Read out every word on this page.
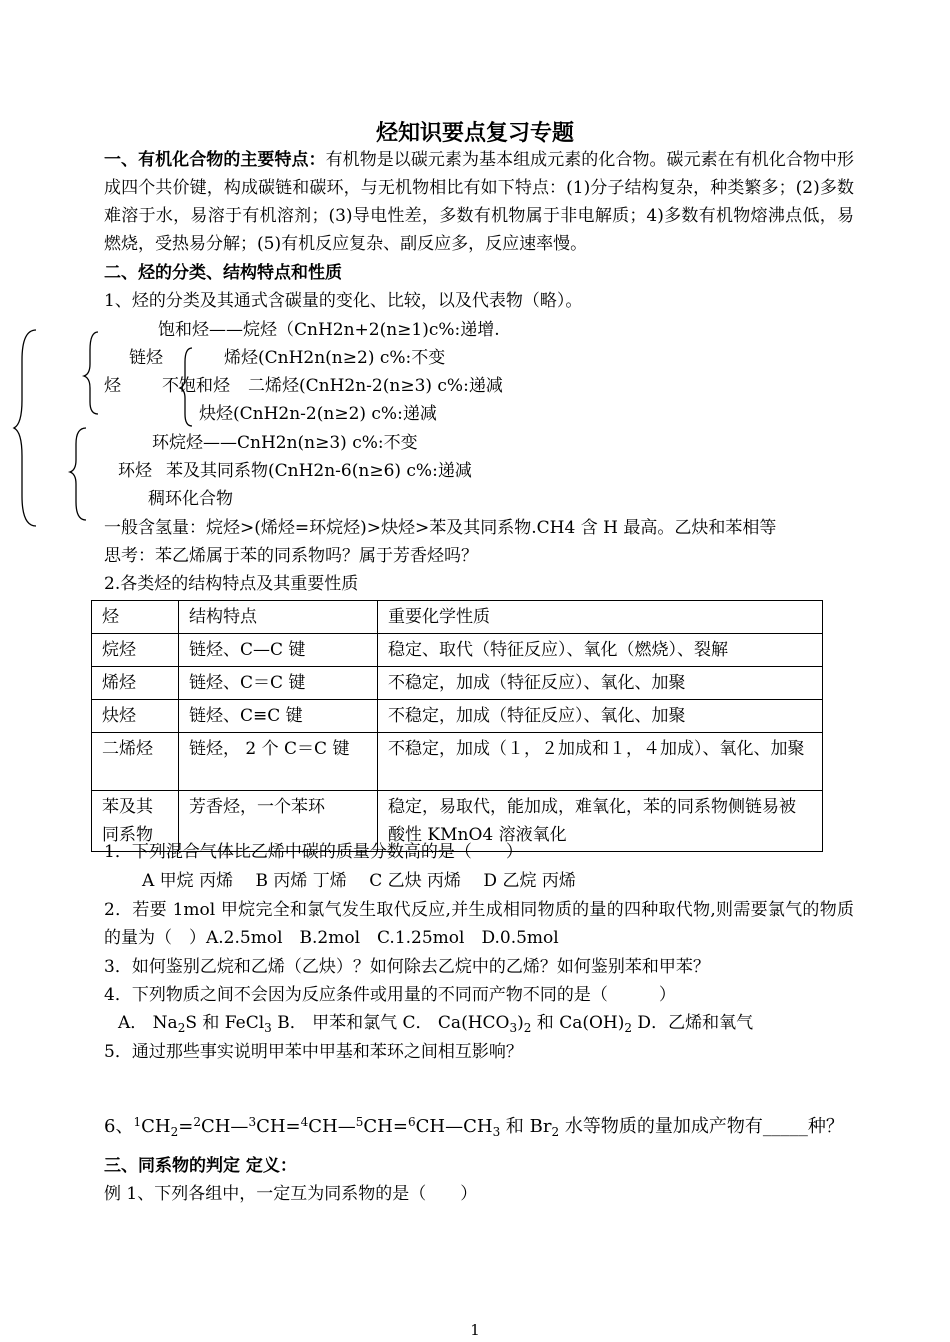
烃知识要点复习专题
一、有机化合物的主要特点：有机物是以碳元素为基本组成元素的化合物。碳元素在有机化合物中形成四个共价键，构成碳链和碳环，与无机物相比有如下特点：(1)分子结构复杂，种类繁多；(2)多数难溶于水，易溶于有机溶剂；(3)导电性差，多数有机物属于非电解质；4)多数有机物熔沸点低，易燃烧，受热易分解；(5)有机反应复杂、副反应多，反应速率慢。
二、烃的分类、结构特点和性质
1、烃的分类及其通式含碳量的变化、比较，以及代表物（略）。
饱和烃——烷烃（CnH2n+2(n≥1)c%:递增.
链烃	烯烃(CnH2n(n≥2) c%:不变
烃 不饱和烃 二烯烃(CnH2n-2(n≥3) c%:递减
炔烃(CnH2n-2(n≥2) c%:递减
环烷烃——CnH2n(n≥3) c%:不变
环烃 苯及其同系物(CnH2n-6(n≥6) c%:递减
稠环化合物
一般含氢量：烷烃>(烯烃=环烷烃)>炔烃>苯及其同系物.CH4 含 H 最高。乙炔和苯相等
思考：苯乙烯属于苯的同系物吗？属于芳香烃吗？
2.各类烃的结构特点及其重要性质
烃	结构特点	重要化学性质
烷烃	链烃、C—C 键	稳定、取代（特征反应）、氧化（燃烧）、裂解
烯烃	链烃、C＝C 键	不稳定，加成（特征反应）、氧化、加聚
炔烃	链烃、C≡C 键	不稳定，加成（特征反应）、氧化、加聚
二烯烃	链烃， 2 个 C＝C 键	不稳定，加成（１，２加成和１，４加成）、氧化、加聚
苯及其同系物	芳香烃，一个苯环	稳定，易取代，能加成，难氧化，苯的同系物侧链易被酸性 KMnO4 溶液氧化
1．下列混合气体比乙烯中碳的质量分数高的是（　　）
A 甲烷 丙烯　 B 丙烯 丁烯　 C 乙炔 丙烯　 D 乙烷 丙烯
2．若要 1mol 甲烷完全和氯气发生取代反应,并生成相同物质的量的四种取代物,则需要氯气的物质的量为（　）A.2.5mol　B.2mol　C.1.25mol　D.0.5mol
3．如何鉴别乙烷和乙烯（乙炔）？如何除去乙烷中的乙烯？如何鉴别苯和甲苯？
4．下列物质之间不会因为反应条件或用量的不同而产物不同的是（　　　）
A． $Na_2S$ 和 FeCl$_3$ B． 甲苯和氯气 C． $Ca(HCO_3)_2$ 和 $Ca(OH)_2$ D．乙烯和氧气
5．通过那些事实说明甲苯中甲基和苯环之间相互影响？
6、$^1CH_2=^2CH—^3CH=^4CH—^5CH=^6CH—CH_3$ 和 $Br_2$ 水等物质的量加成产物有_____种？
三、同系物的判定 定义：
例 1、下列各组中，一定互为同系物的是（　　）
1
